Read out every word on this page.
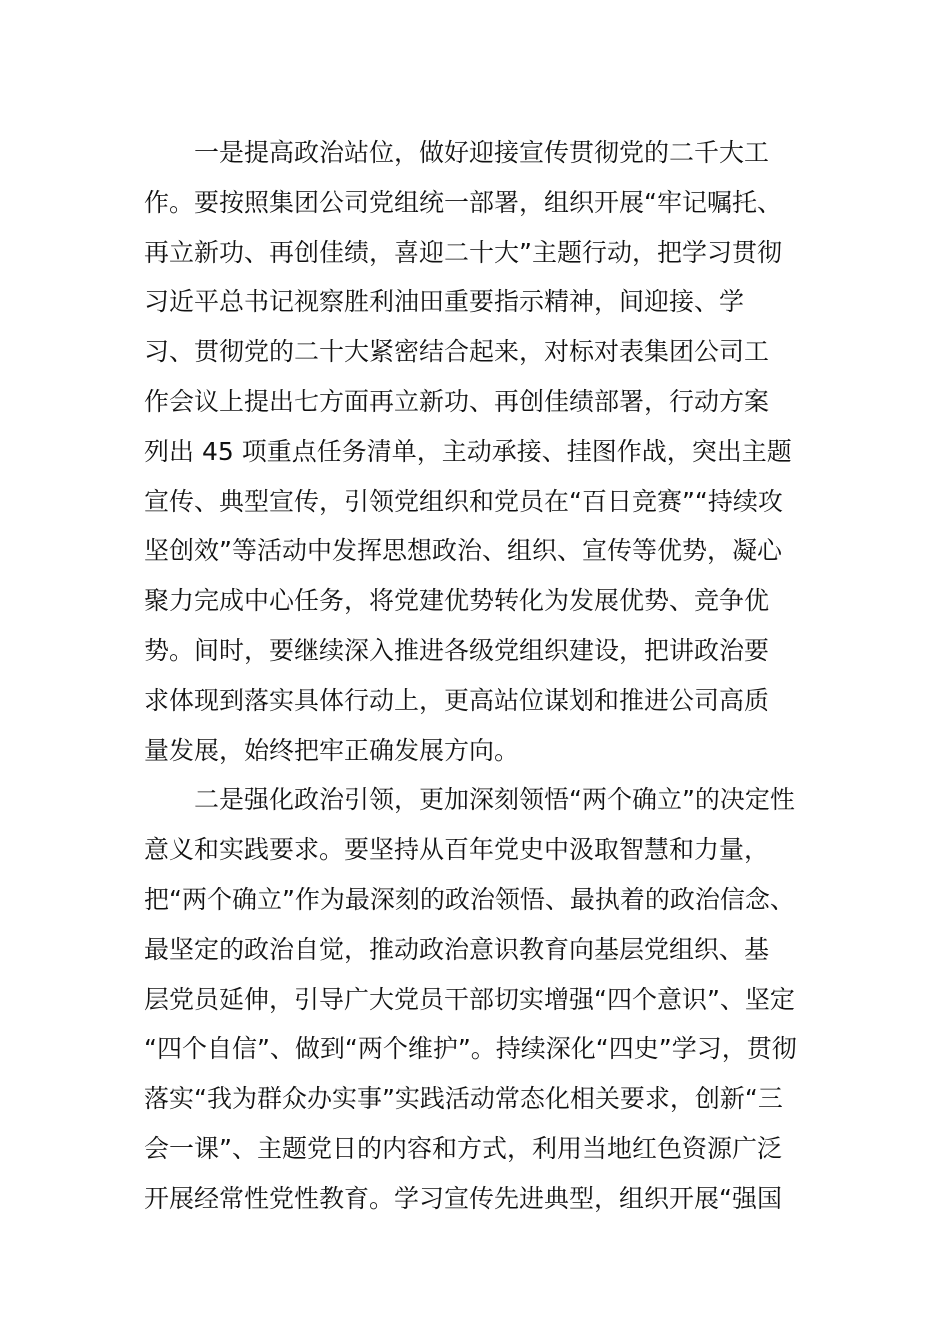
一是提高政治站位，做好迎接宣传贯彻党的二千大工
作。要按照集团公司党组统一部署，组织开展“牢记嘱托、
再立新功、再创佳绩，喜迎二十大”主题行动，把学习贯彻
习近平总书记视察胜利油田重要指示精神，间迎接、学
习、贯彻党的二十大紧密结合起来，对标对表集团公司工
作会议上提出七方面再立新功、再创佳绩部署，行动方案
列出 45 项重点任务清单，主动承接、挂图作战，突出主题
宣传、典型宣传，引领党组织和党员在“百日竞赛”“持续攻
坚创效”等活动中发挥思想政治、组织、宣传等优势，凝心
聚力完成中心任务，将党建优势转化为发展优势、竞争优
势。间时，要继续深入推进各级党组织建设，把讲政治要
求体现到落实具体行动上，更高站位谋划和推进公司高质
量发展，始终把牢正确发展方向。
二是强化政治引领，更加深刻领悟“两个确立”的决定性
意义和实践要求。要坚持从百年党史中汲取智慧和力量，
把“两个确立”作为最深刻的政治领悟、最执着的政治信念、
最坚定的政治自觉，推动政治意识教育向基层党组织、基
层党员延伸，引导广大党员干部切实增强“四个意识”、坚定
“四个自信”、做到“两个维护”。持续深化“四史”学习，贯彻
落实“我为群众办实事”实践活动常态化相关要求，创新“三
会一课”、主题党日的内容和方式，利用当地红色资源广泛
开展经常性党性教育。学习宣传先进典型，组织开展“强国
